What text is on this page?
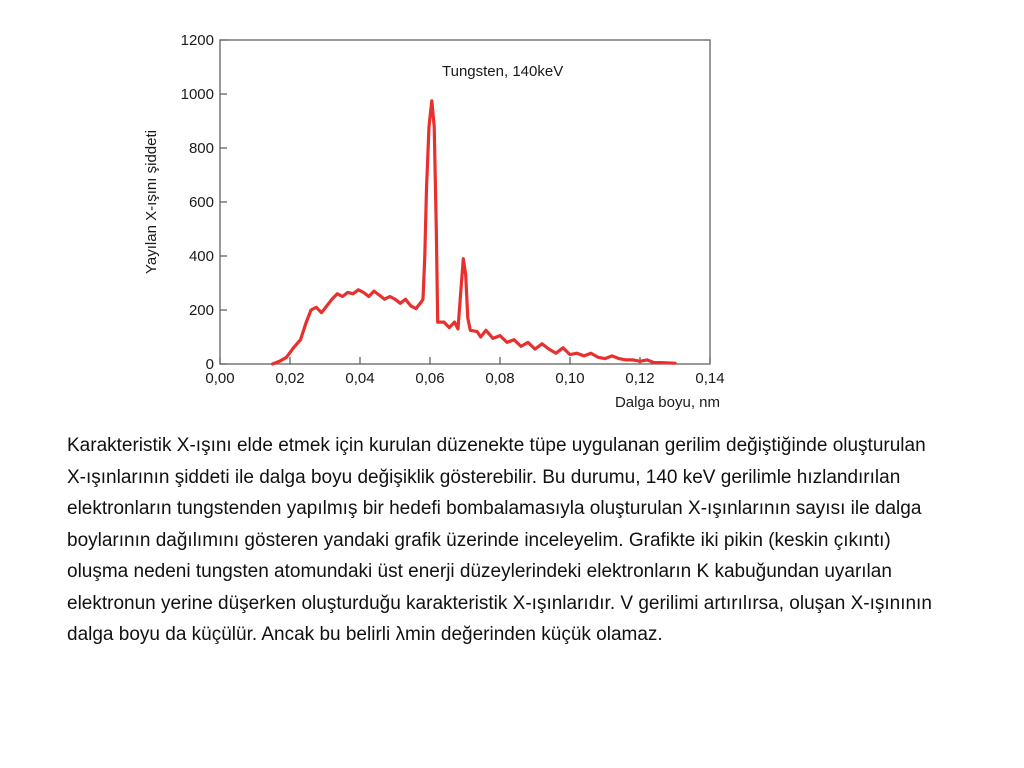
0
200
400
600
800
1000
1200
0,00	0,02	0,04	0,06	0,08	0,10	0,12	0,14
Tungsten, 140keV
Yayılan X-ışını şiddeti
Dalga boyu, nm

Karakteristik X-ışını elde etmek için kurulan düzenekte tüpe uygulanan gerilim değiştiğinde oluşturulan X-ışınlarının şiddeti ile dalga boyu değişiklik gösterebilir. Bu durumu, 140 keV gerilimle hızlandırılan elektronların tungstenden yapılmış bir hedefi bombalamasıyla oluşturulan X-ışınlarının sayısı ile dalga boylarının dağılımını gösteren yandaki grafik üzerinde inceleyelim. Grafikte iki pikin (keskin çıkıntı) oluşma nedeni tungsten atomundaki üst enerji düzeylerindeki elektronların K kabuğundan uyarılan elektronun yerine düşerken oluşturduğu karakteristik X-ışınlarıdır. V gerilimi artırılırsa, oluşan X-ışınının dalga boyu da küçülür. Ancak bu belirli λmin değerinden küçük olamaz.
